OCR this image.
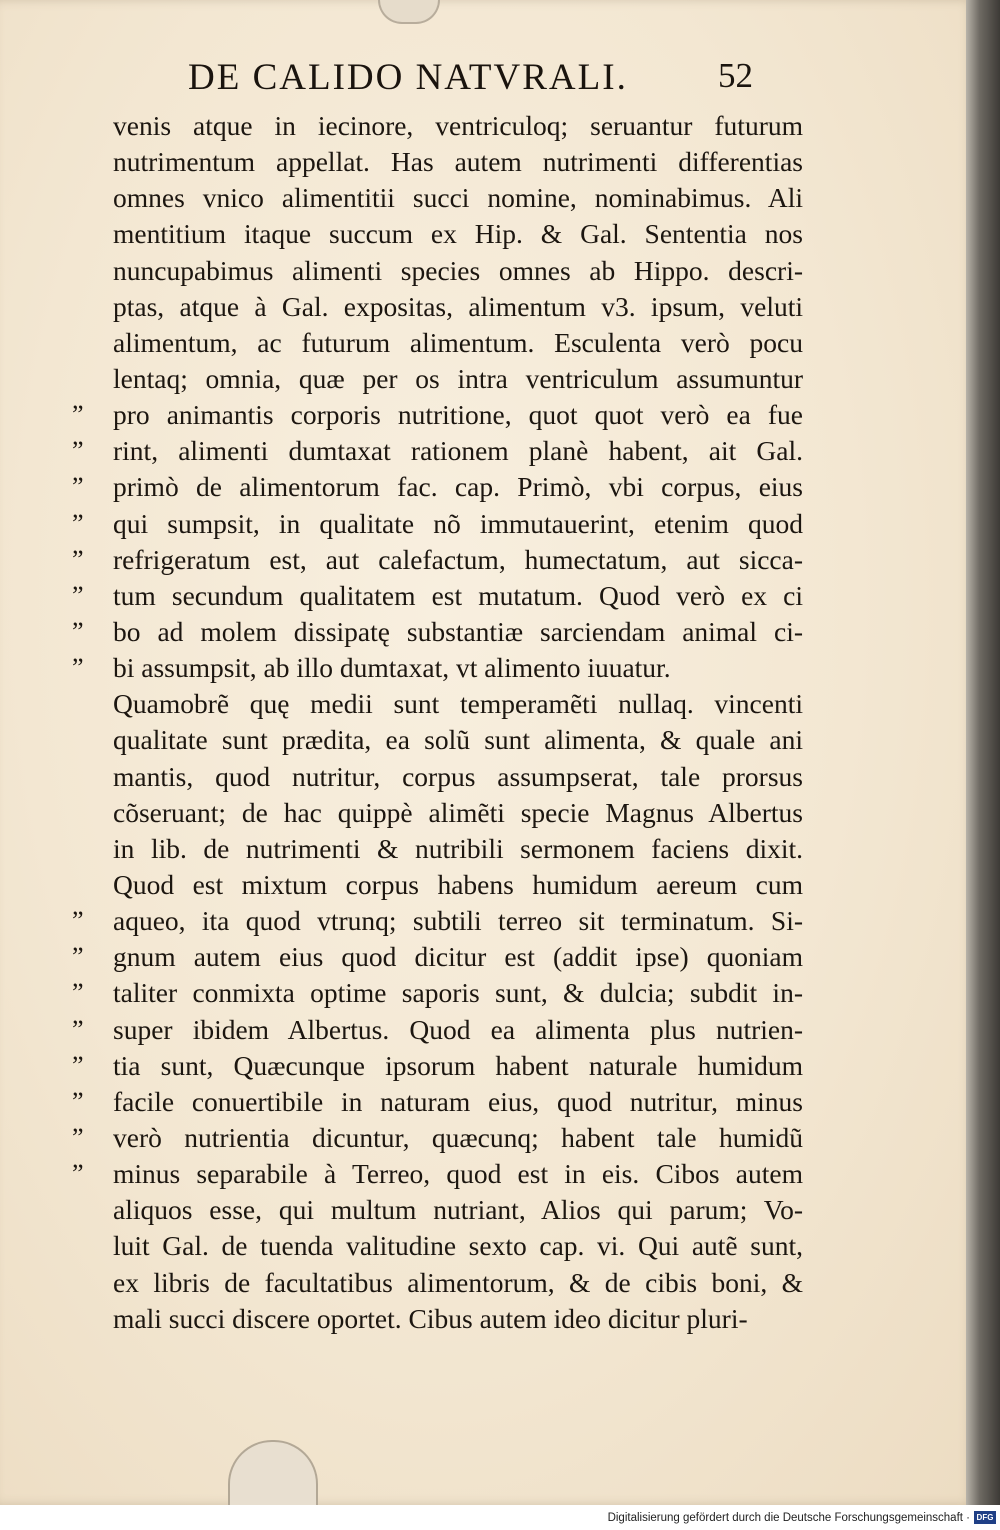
DE CALIDO NATVRALI.	52
”
”
”
”
”
”
”
”
”
”
”
”
”
”
”
”
venis atque in iecinore, ventriculoq; seruantur futurum
nutrimentum appellat. Has autem nutrimenti differentias
omnes vnico alimentitii succi nomine, nominabimus. Ali
mentitium itaque succum ex Hip. & Gal. Sententia nos
nuncupabimus alimenti species omnes ab Hippo. descri-
ptas, atque à Gal. expositas, alimentum v3. ipsum, veluti
alimentum, ac futurum alimentum. Esculenta verò pocu
lentaq; omnia, quæ per os intra ventriculum assumuntur
pro animantis corporis nutritione, quot quot verò ea fue
rint, alimenti dumtaxat rationem planè habent, ait Gal.
primò de alimentorum fac. cap. Primò, vbi corpus, eius
qui sumpsit, in qualitate nõ immutauerint, etenim quod
refrigeratum est, aut calefactum, humectatum, aut sicca-
tum secundum qualitatem est mutatum. Quod verò ex ci
bo ad molem dissipatę substantiæ sarciendam animal ci-
bi assumpsit, ab illo dumtaxat, vt alimento iuuatur.
Quamobrẽ quę medii sunt temperamẽti nullaq. vincenti
qualitate sunt prædita, ea solũ sunt alimenta, & quale ani
mantis, quod nutritur, corpus assumpserat, tale prorsus
cõseruant; de hac quippè alimẽti specie Magnus Albertus
in lib. de nutrimenti & nutribili sermonem faciens dixit.
Quod est mixtum corpus habens humidum aereum cum
aqueo, ita quod vtrunq; subtili terreo sit terminatum. Si-
gnum autem eius quod dicitur est (addit ipse) quoniam
taliter conmixta optime saporis sunt, & dulcia; subdit in-
super ibidem Albertus. Quod ea alimenta plus nutrien-
tia sunt, Quæcunque ipsorum habent naturale humidum
facile conuertibile in naturam eius, quod nutritur, minus
verò nutrientia dicuntur, quæcunq; habent tale humidũ
minus separabile à Terreo, quod est in eis. Cibos autem
aliquos esse, qui multum nutriant, Alios qui parum; Vo-
luit Gal. de tuenda valitudine sexto cap. vi. Qui autẽ sunt,
ex libris de facultatibus alimentorum, & de cibis boni, &
mali succi discere oportet. Cibus autem ideo dicitur pluri-
Digitalisierung gefördert durch die Deutsche Forschungsgemeinschaft · DFG
